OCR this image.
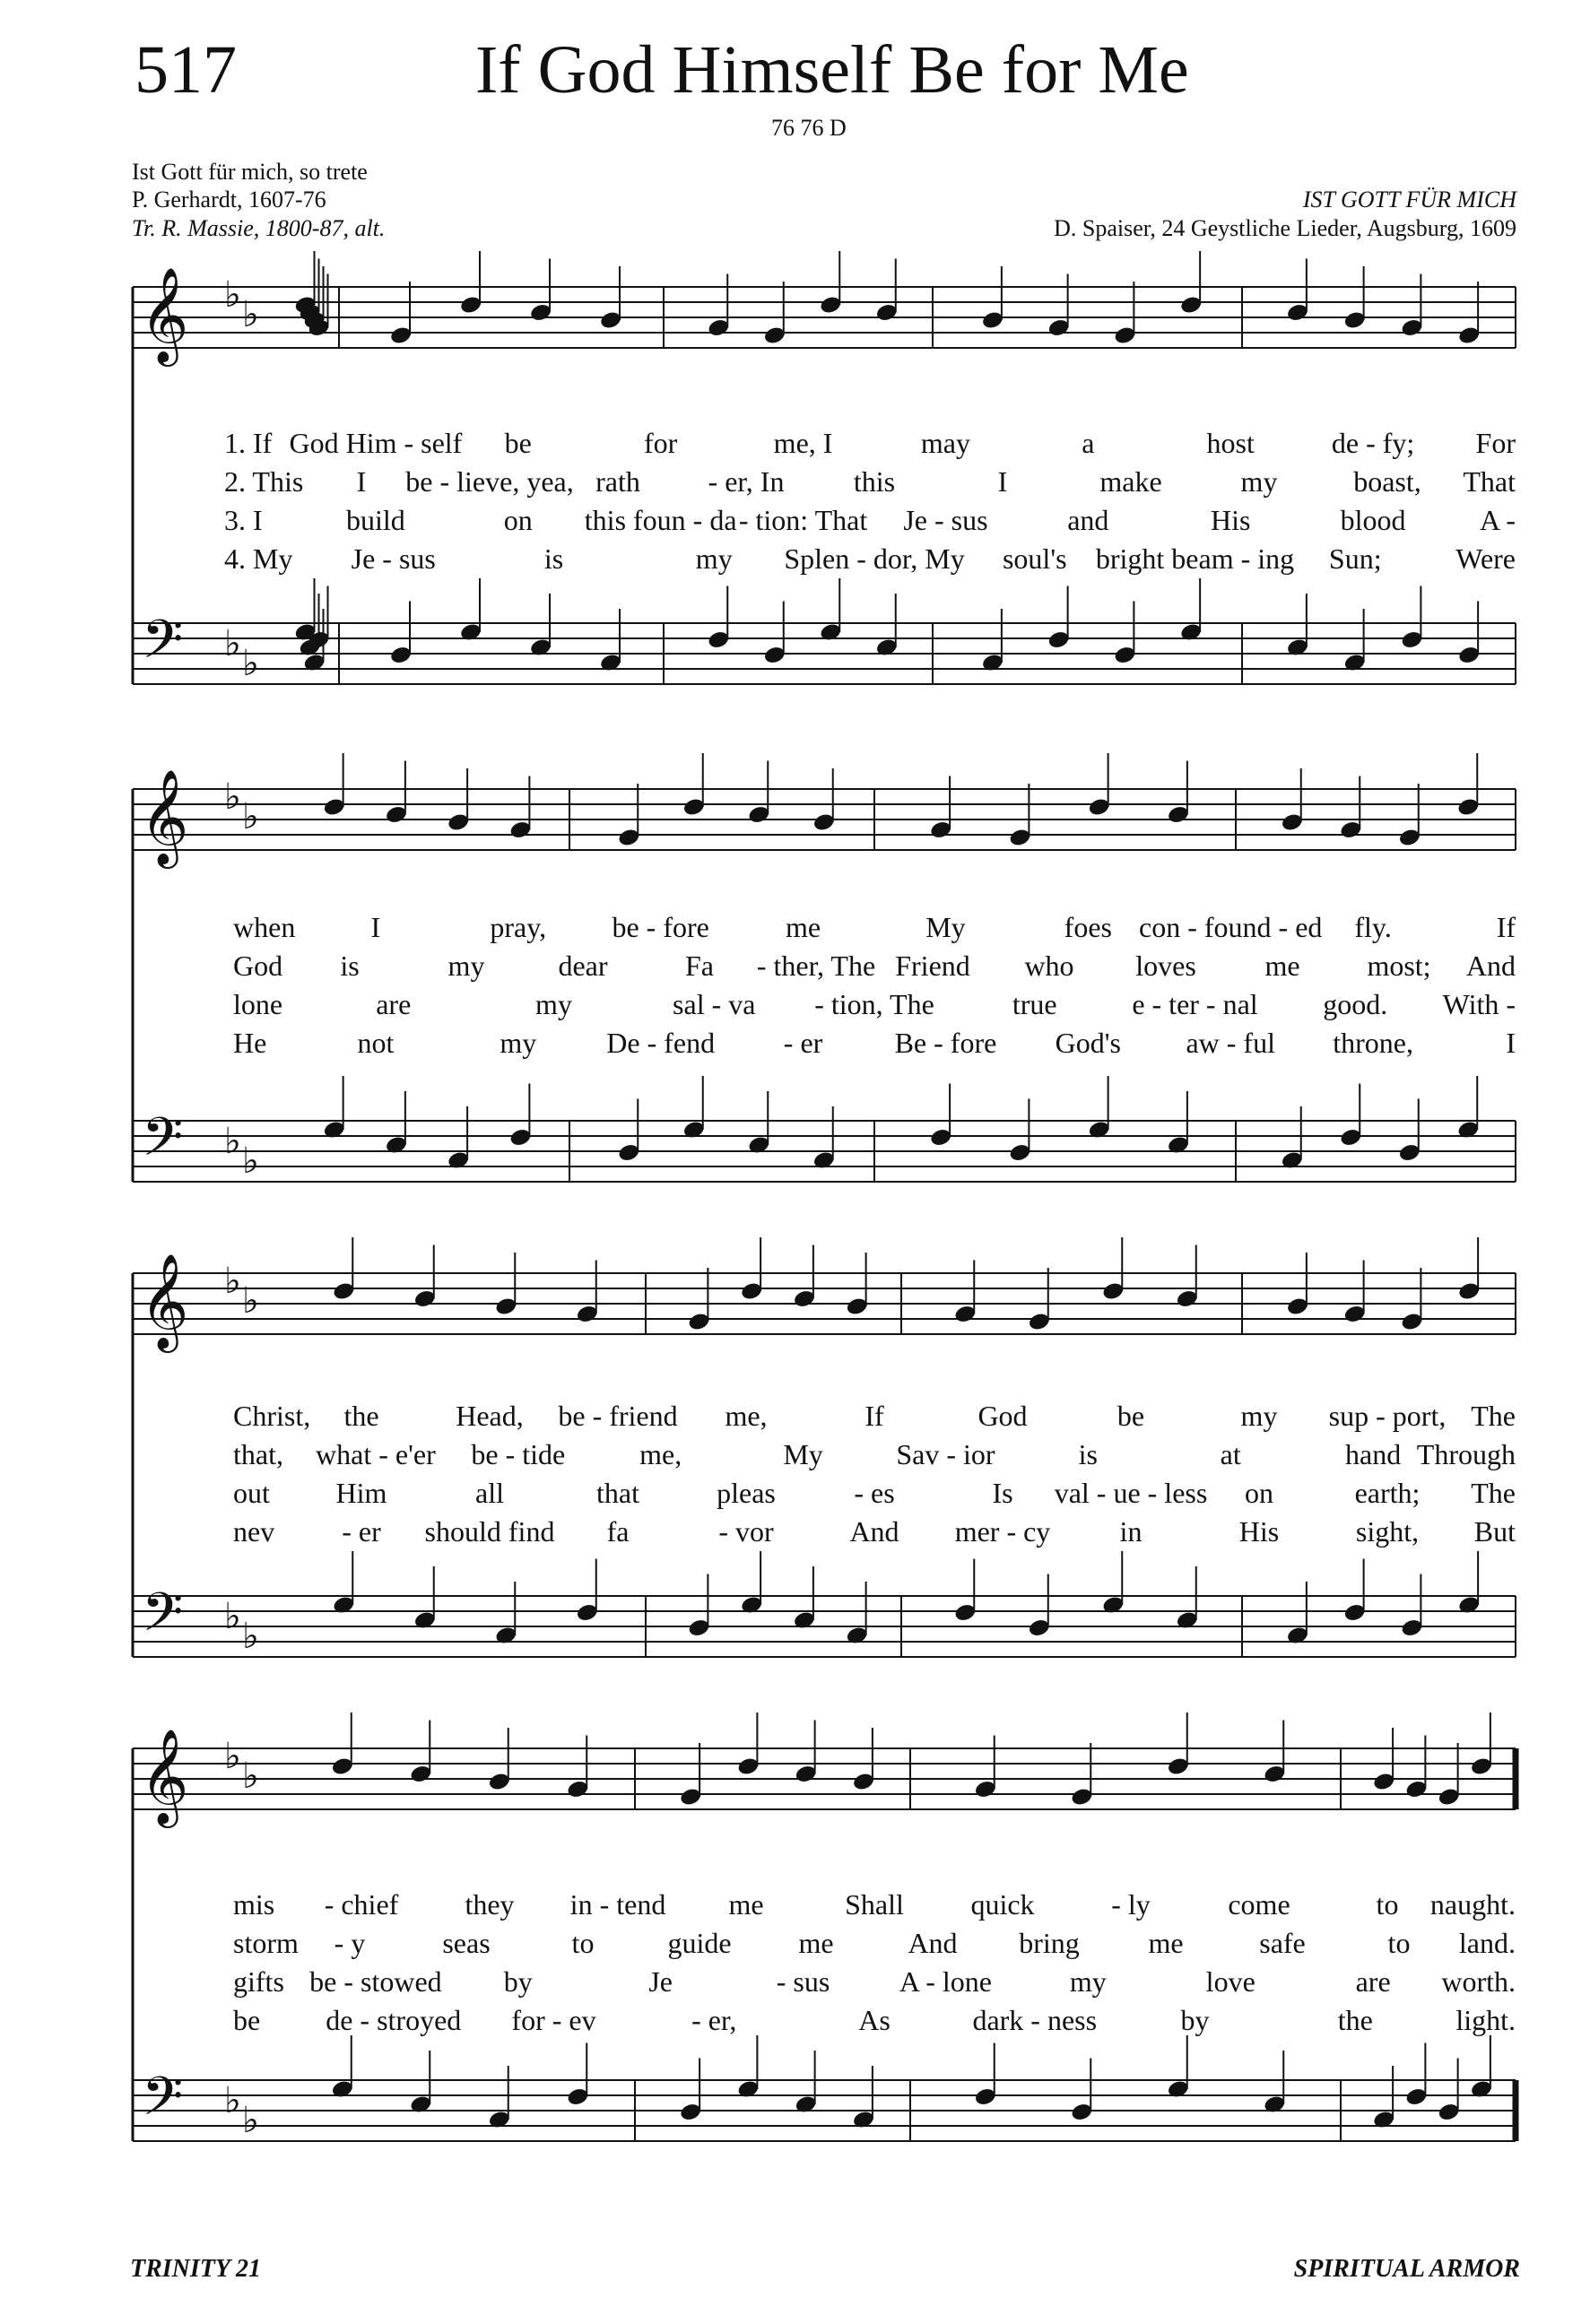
517	If God Himself Be for Me
76 76 D
Ist Gott für mich, so trete
P. Gerhardt, 1607-76
Tr. R. Massie, 1800-87, alt.
IST GOTT FÜR MICH
D. Spaiser, 24 Geystliche Lieder, Augsburg, 1609
𝄞
𝄢
♭ ♭
♭ ♭
1. If God Him - self be	for	me, I	may	a	host	de - fy; For
2. This I be - lieve, yea, rath - er, In this	I	make	my	boast, That
3. I	build	on this foun - da - tion: That Je - sus	and	His	blood	A -
4. My Je - sus	is	my Splen - dor, My soul's bright beam - ing Sun;	Were
𝄞
𝄢
♭ ♭
♭ ♭
when	I	pray, be - fore	me	My	foes con - found - ed fly.	If
God is	my	dear	Fa - ther, The Friend who loves me most; And
lone	are	my	sal - va - tion, The	true	e - ter - nal good. With -
He	not	my De - fend - er	Be - fore God's aw - ful throne,	I
𝄞
𝄢
♭ ♭
♭ ♭
Christ, the	Head, be - friend me,	If	God	be	my sup - port, The
that, what - e'er be - tide	me,	My	Sav - ior	is	at	hand Through
out Him	all	that	pleas	- es	Is val - ue - less on	earth; The
nev - er should find fa	- vor	And mer - cy in	His	sight, But
𝄞
𝄢
♭ ♭
♭ ♭
mis - chief they in - tend me	Shall quick	- ly	come	to naught.
storm - y	seas	to	guide me	And bring me	safe	to land.
gifts be - stowed by	Je	- sus A - lone	my	love	are worth.
be de - stroyed for - ev	- er,	As	dark - ness	by	the	light.
TRINITY 21	SPIRITUAL ARMOR
